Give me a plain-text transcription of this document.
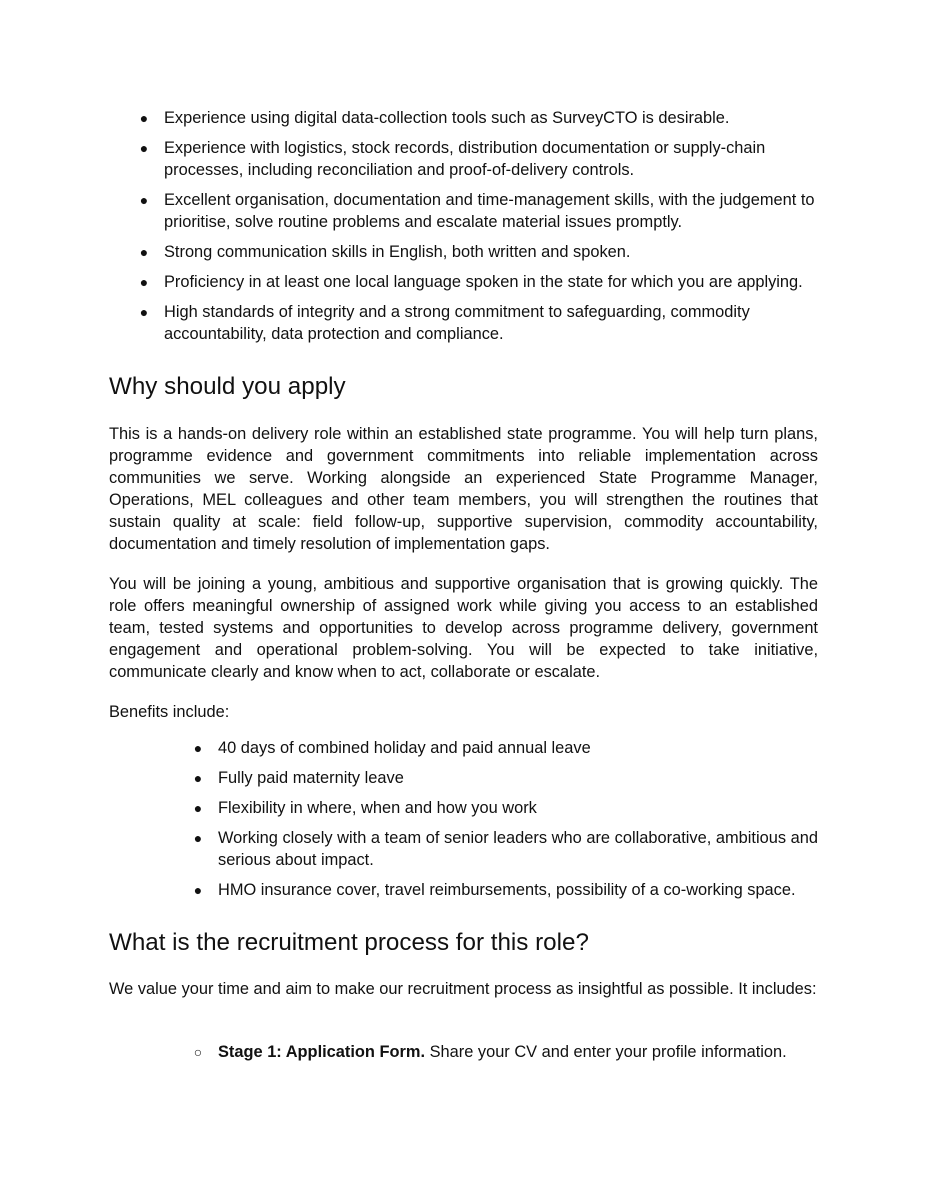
● Experience using digital data-collection tools such as SurveyCTO is desirable.
● Experience with logistics, stock records, distribution documentation or supply-chain processes, including reconciliation and proof-of-delivery controls.
● Excellent organisation, documentation and time-management skills, with the judgement to prioritise, solve routine problems and escalate material issues promptly.
● Strong communication skills in English, both written and spoken.
● Proficiency in at least one local language spoken in the state for which you are applying.
● High standards of integrity and a strong commitment to safeguarding, commodity accountability, data protection and compliance.
Why should you apply

This is a hands-on delivery role within an established state programme. You will help turn plans, programme evidence and government commitments into reliable implementation across communities we serve. Working alongside an experienced State Programme Manager, Operations, MEL colleagues and other team members, you will strengthen the routines that sustain quality at scale: field follow-up, supportive supervision, commodity accountability, documentation and timely resolution of implementation gaps.

You will be joining a young, ambitious and supportive organisation that is growing quickly. The role offers meaningful ownership of assigned work while giving you access to an established team, tested systems and opportunities to develop across programme delivery, government engagement and operational problem-solving. You will be expected to take initiative, communicate clearly and know when to act, collaborate or escalate.

Benefits include:

● 40 days of combined holiday and paid annual leave
● Fully paid maternity leave
● Flexibility in where, when and how you work
● Working closely with a team of senior leaders who are collaborative, ambitious and serious about impact.
● HMO insurance cover, travel reimbursements, possibility of a co-working space.
What is the recruitment process for this role?

We value your time and aim to make our recruitment process as insightful as possible. It includes:

○ Stage 1: Application Form. Share your CV and enter your profile information.
